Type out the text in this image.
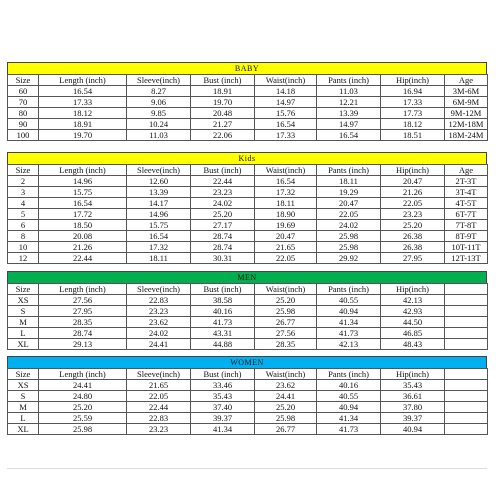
BABY
Size	Length (inch)	Sleeve(inch)	Bust (inch)	Waist(inch)	Pants (inch)	Hip(inch)	Age
60	16.54	8.27	18.91	14.18	11.03	16.94	3M-6M
70	17.33	9.06	19.70	14.97	12.21	17.33	6M-9M
80	18.12	9.85	20.48	15.76	13.39	17.73	9M-12M
90	18.91	10.24	21.27	16.54	14.97	18.12	12M-18M
100	19.70	11.03	22.06	17.33	16.54	18.51	18M-24M
Kids
Size	Length (inch)	Sleeve(inch)	Bust (inch)	Waist(inch)	Pants (inch)	Hip(inch)	Age
2	14.96	12.60	22.44	16.54	18.11	20.47	2T-3T
3	15.75	13.39	23.23	17.32	19.29	21.26	3T-4T
4	16.54	14.17	24.02	18.11	20.47	22.05	4T-5T
5	17.72	14.96	25.20	18.90	22.05	23.23	6T-7T
6	18.50	15.75	27.17	19.69	24.02	25.20	7T-8T
8	20.08	16.54	28.74	20.47	25.98	26.38	8T-9T
10	21.26	17.32	28.74	21.65	25.98	26.38	10T-11T
12	22.44	18.11	30.31	22.05	29.92	27.95	12T-13T
MEN
Size	Length (inch)	Sleeve(inch)	Bust (inch)	Waist(inch)	Pants (inch)	Hip(inch)	
XS	27.56	22.83	38.58	25.20	40.55	42.13	
S	27.95	23.23	40.16	25.98	40.94	42.93	
M	28.35	23.62	41.73	26.77	41.34	44.50	
L	28.74	24.02	43.31	27.56	41.73	46.85	
XL	29.13	24.41	44.88	28.35	42.13	48.43	
WOMEN
Size	Length (inch)	Sleeve(inch)	Bust (inch)	Waist(inch)	Pants (inch)	Hip(inch)	
XS	24.41	21.65	33.46	23.62	40.16	35.43	
S	24.80	22.05	35.43	24.41	40.55	36.61	
M	25.20	22.44	37.40	25.20	40.94	37.80	
L	25.59	22.83	39.37	25.98	41.34	39.37	
XL	25.98	23.23	41.34	26.77	41.73	40.94	
